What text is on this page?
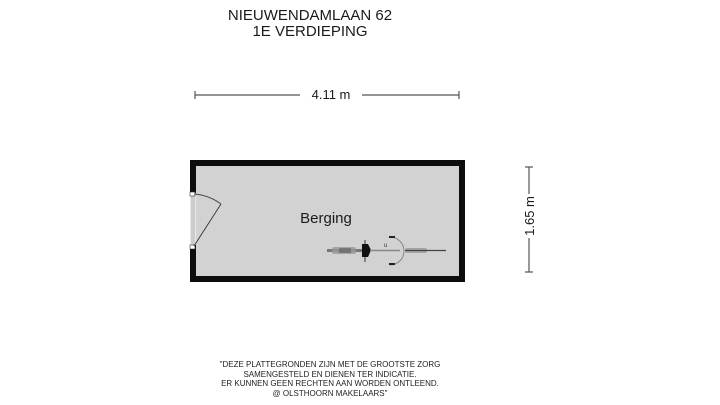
NIEUWENDAMLAAN 62
1E VERDIEPING
u
4.11 m
1.65 m
Berging
"DEZE PLATTEGRONDEN ZIJN MET DE GROOTSTE ZORG
SAMENGESTELD EN DIENEN TER INDICATIE.
ER KUNNEN GEEN RECHTEN AAN WORDEN ONTLEEND.
@ OLSTHOORN MAKELAARS"
